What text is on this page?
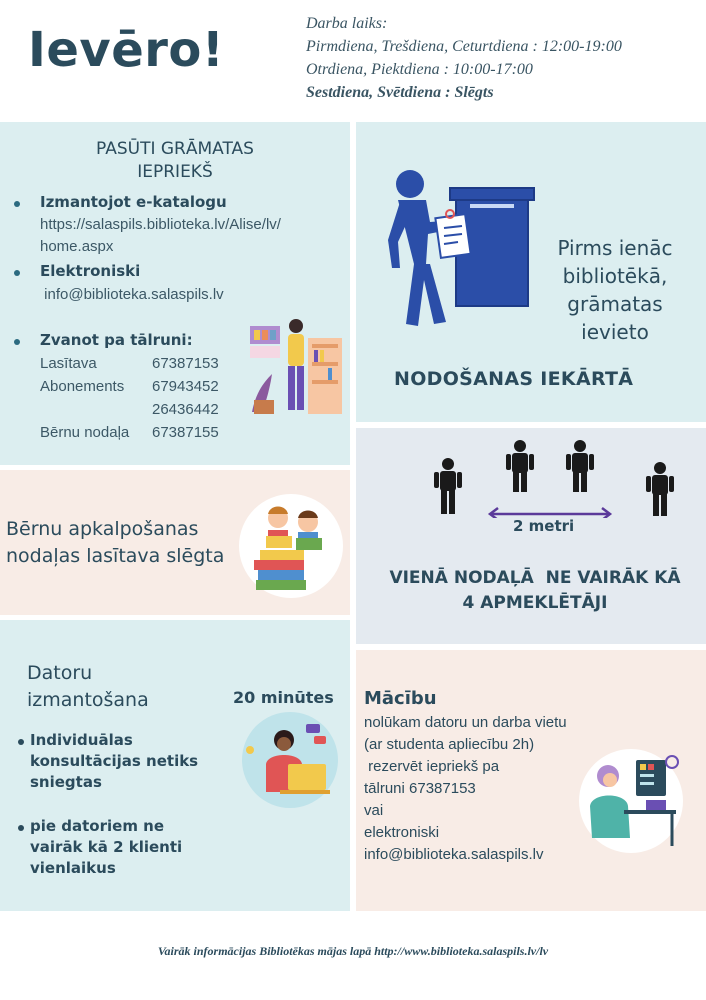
Ievēro!	Darba laiks:
Pirmdiena, Trešdiena, Ceturtdiena : 12:00-19:00
Otrdiena, Piektdiena : 10:00-17:00
Sestdiena, Svētdiena : Slēgts
PASŪTI GRĀMATAS
IEPRIEKŠ
Izmantojot e-katalogu
https://salaspils.biblioteka.lv/Alise/lv/
home.aspx
Elektroniski
info@biblioteka.salaspils.lv
Zvanot pa tālruni:
Lasītava	67387153
Abonements 67943452
26436442
Bērnu nodaļa 67387155
Pirms ienāc
bibliotēkā,
grāmatas
ievieto
NODOŠANAS IEKĀRTĀ
Bērnu apkalpošanas
nodaļas lasītava slēgta
2 metri
VIENĀ NODAĻĀ  NE VAIRĀK KĀ
4 APMEKLĒTĀJI
Datoru
izmantošana	20 minūtes
Individuālas
konsultācijas netiks
sniegtas
pie datoriem ne
vairāk kā 2 klienti
vienlaikus
Mācību
nolūkam datoru un darba vietu
(ar studenta apliecību 2h)
rezervēt iepriekš pa
tālruni 67387153
vai
elektroniski
info@biblioteka.salaspils.lv
Vairāk informācijas Bibliotēkas mājas lapā http://www.biblioteka.salaspils.lv/lv
